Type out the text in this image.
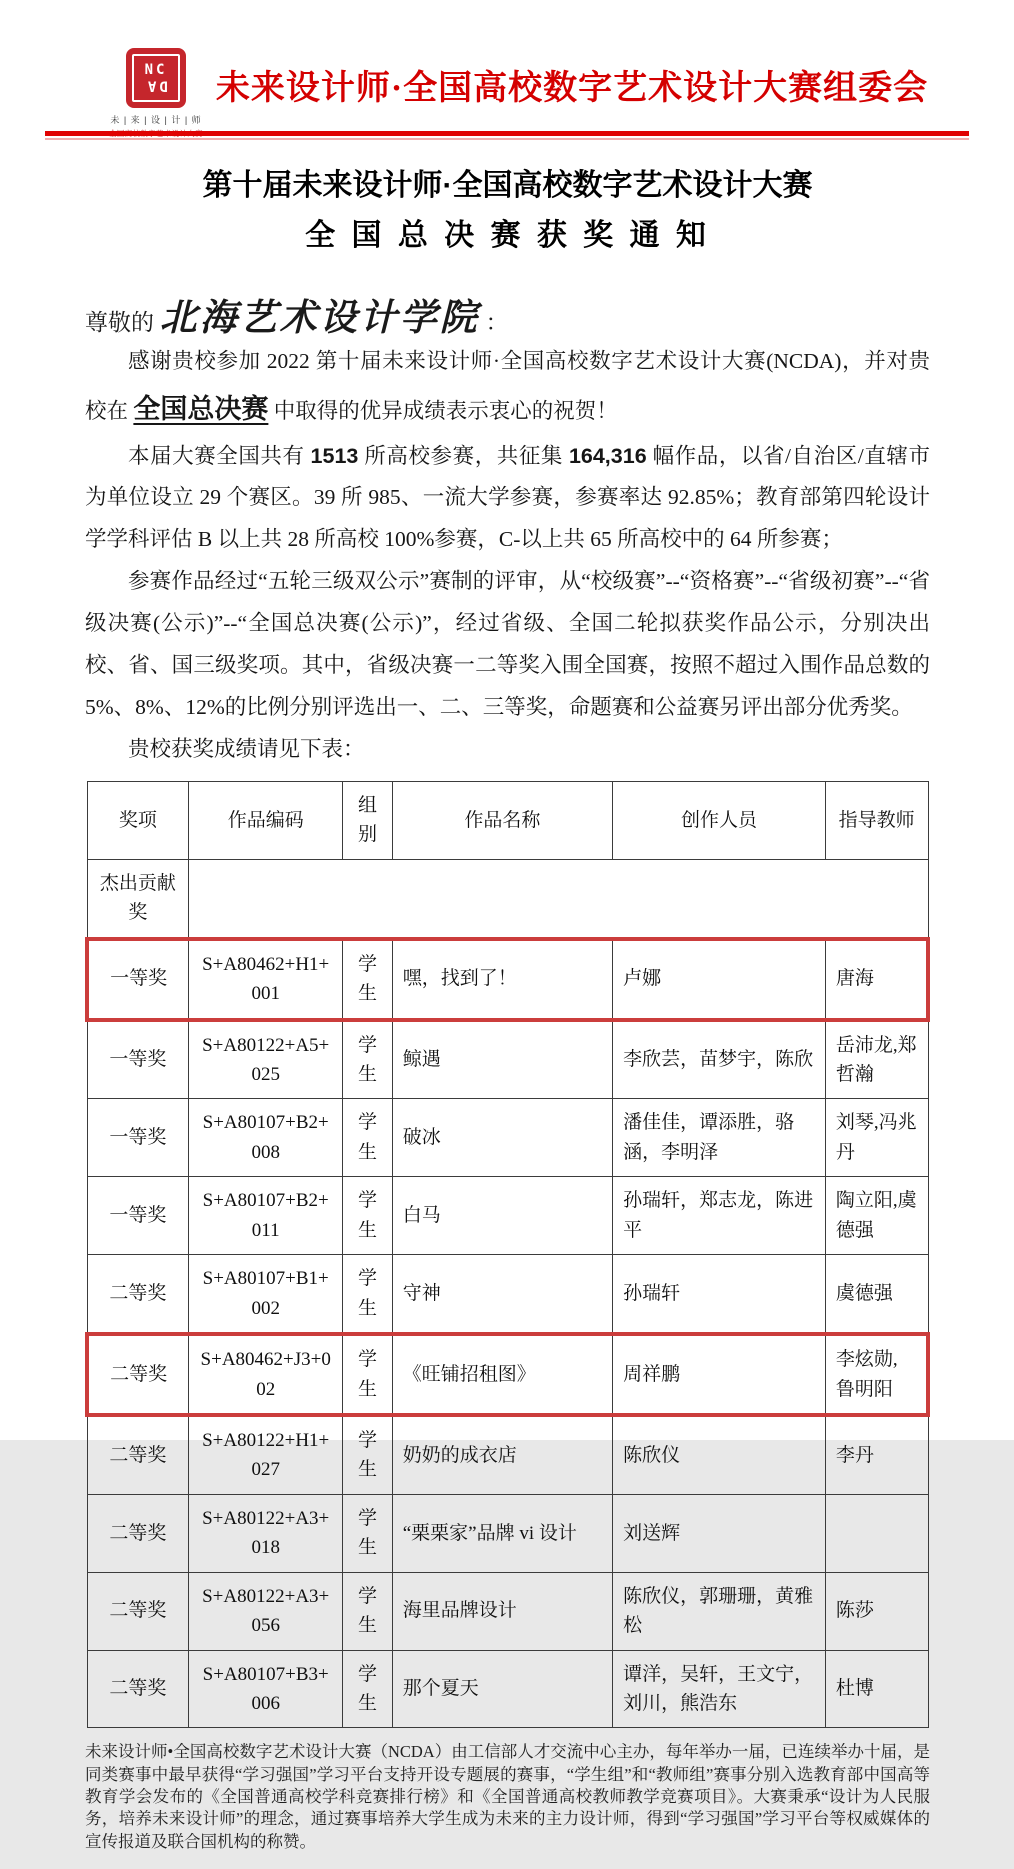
NC
DA
未 | 来 | 设 | 计 | 师
未来设计师·全国高校数字艺术设计大赛组委会
第十届未来设计师·全国高校数字艺术设计大赛
全 国 总 决 赛 获 奖 通 知
尊敬的 北海艺术设计学院 ：

感谢贵校参加 2022 第十届未来设计师·全国高校数字艺术设计大赛(NCDA)，并对贵校在 全国总决赛 中取得的优异成绩表示衷心的祝贺！

本届大赛全国共有 1513 所高校参赛，共征集 164,316 幅作品，以省/自治区/直辖市为单位设立 29 个赛区。39 所 985、一流大学参赛，参赛率达 92.85%；教育部第四轮设计学学科评估 B 以上共 28 所高校 100%参赛，C-以上共 65 所高校中的 64 所参赛；

参赛作品经过“五轮三级双公示”赛制的评审，从“校级赛”--“资格赛”--“省级初赛”--“省级决赛(公示)”--“全国总决赛(公示)”，经过省级、全国二轮拟获奖作品公示，分别决出校、省、国三级奖项。其中，省级决赛一二等奖入围全国赛，按照不超过入围作品总数的5%、8%、12%的比例分别评选出一、二、三等奖，命题赛和公益赛另评出部分优秀奖。

贵校获奖成绩请见下表：

奖项	作品编码	组别	作品名称	创作人员	指导教师
杰出贡献奖					
一等奖	S+A80462+H1+001	学生	嘿，找到了！	卢娜	唐海
一等奖	S+A80122+A5+025	学生	鲸遇	李欣芸，苗梦宇，陈欣	岳沛龙,郑哲瀚
一等奖	S+A80107+B2+008	学生	破冰	潘佳佳，谭添胜，骆涵，李明泽	刘琴,冯兆丹
一等奖	S+A80107+B2+011	学生	白马	孙瑞轩，郑志龙，陈进平	陶立阳,虞德强
二等奖	S+A80107+B1+002	学生	守神	孙瑞轩	虞德强
二等奖	S+A80462+J3+002	学生	《旺铺招租图》	周祥鹏	李炫勋,鲁明阳
二等奖	S+A80122+H1+027	学生	奶奶的成衣店	陈欣仪	李丹
二等奖	S+A80122+A3+018	学生	“栗栗家”品牌 vi 设计	刘送辉	
二等奖	S+A80122+A3+056	学生	海里品牌设计	陈欣仪，郭珊珊，黄雅松	陈莎
二等奖	S+A80107+B3+006	学生	那个夏天	谭洋，吴轩，王文宁，刘川，熊浩东	杜博

未来设计师•全国高校数字艺术设计大赛（NCDA）由工信部人才交流中心主办，每年举办一届，已连续举办十届，是同类赛事中最早获得“学习强国”学习平台支持开设专题展的赛事，“学生组”和“教师组”赛事分别入选教育部中国高等教育学会发布的《全国普通高校学科竞赛排行榜》和《全国普通高校教师教学竞赛项目》。大赛秉承“设计为人民服务，培养未来设计师”的理念，通过赛事培养大学生成为未来的主力设计师，得到“学习强国”学习平台等权威媒体的宣传报道及联合国机构的称赞。
